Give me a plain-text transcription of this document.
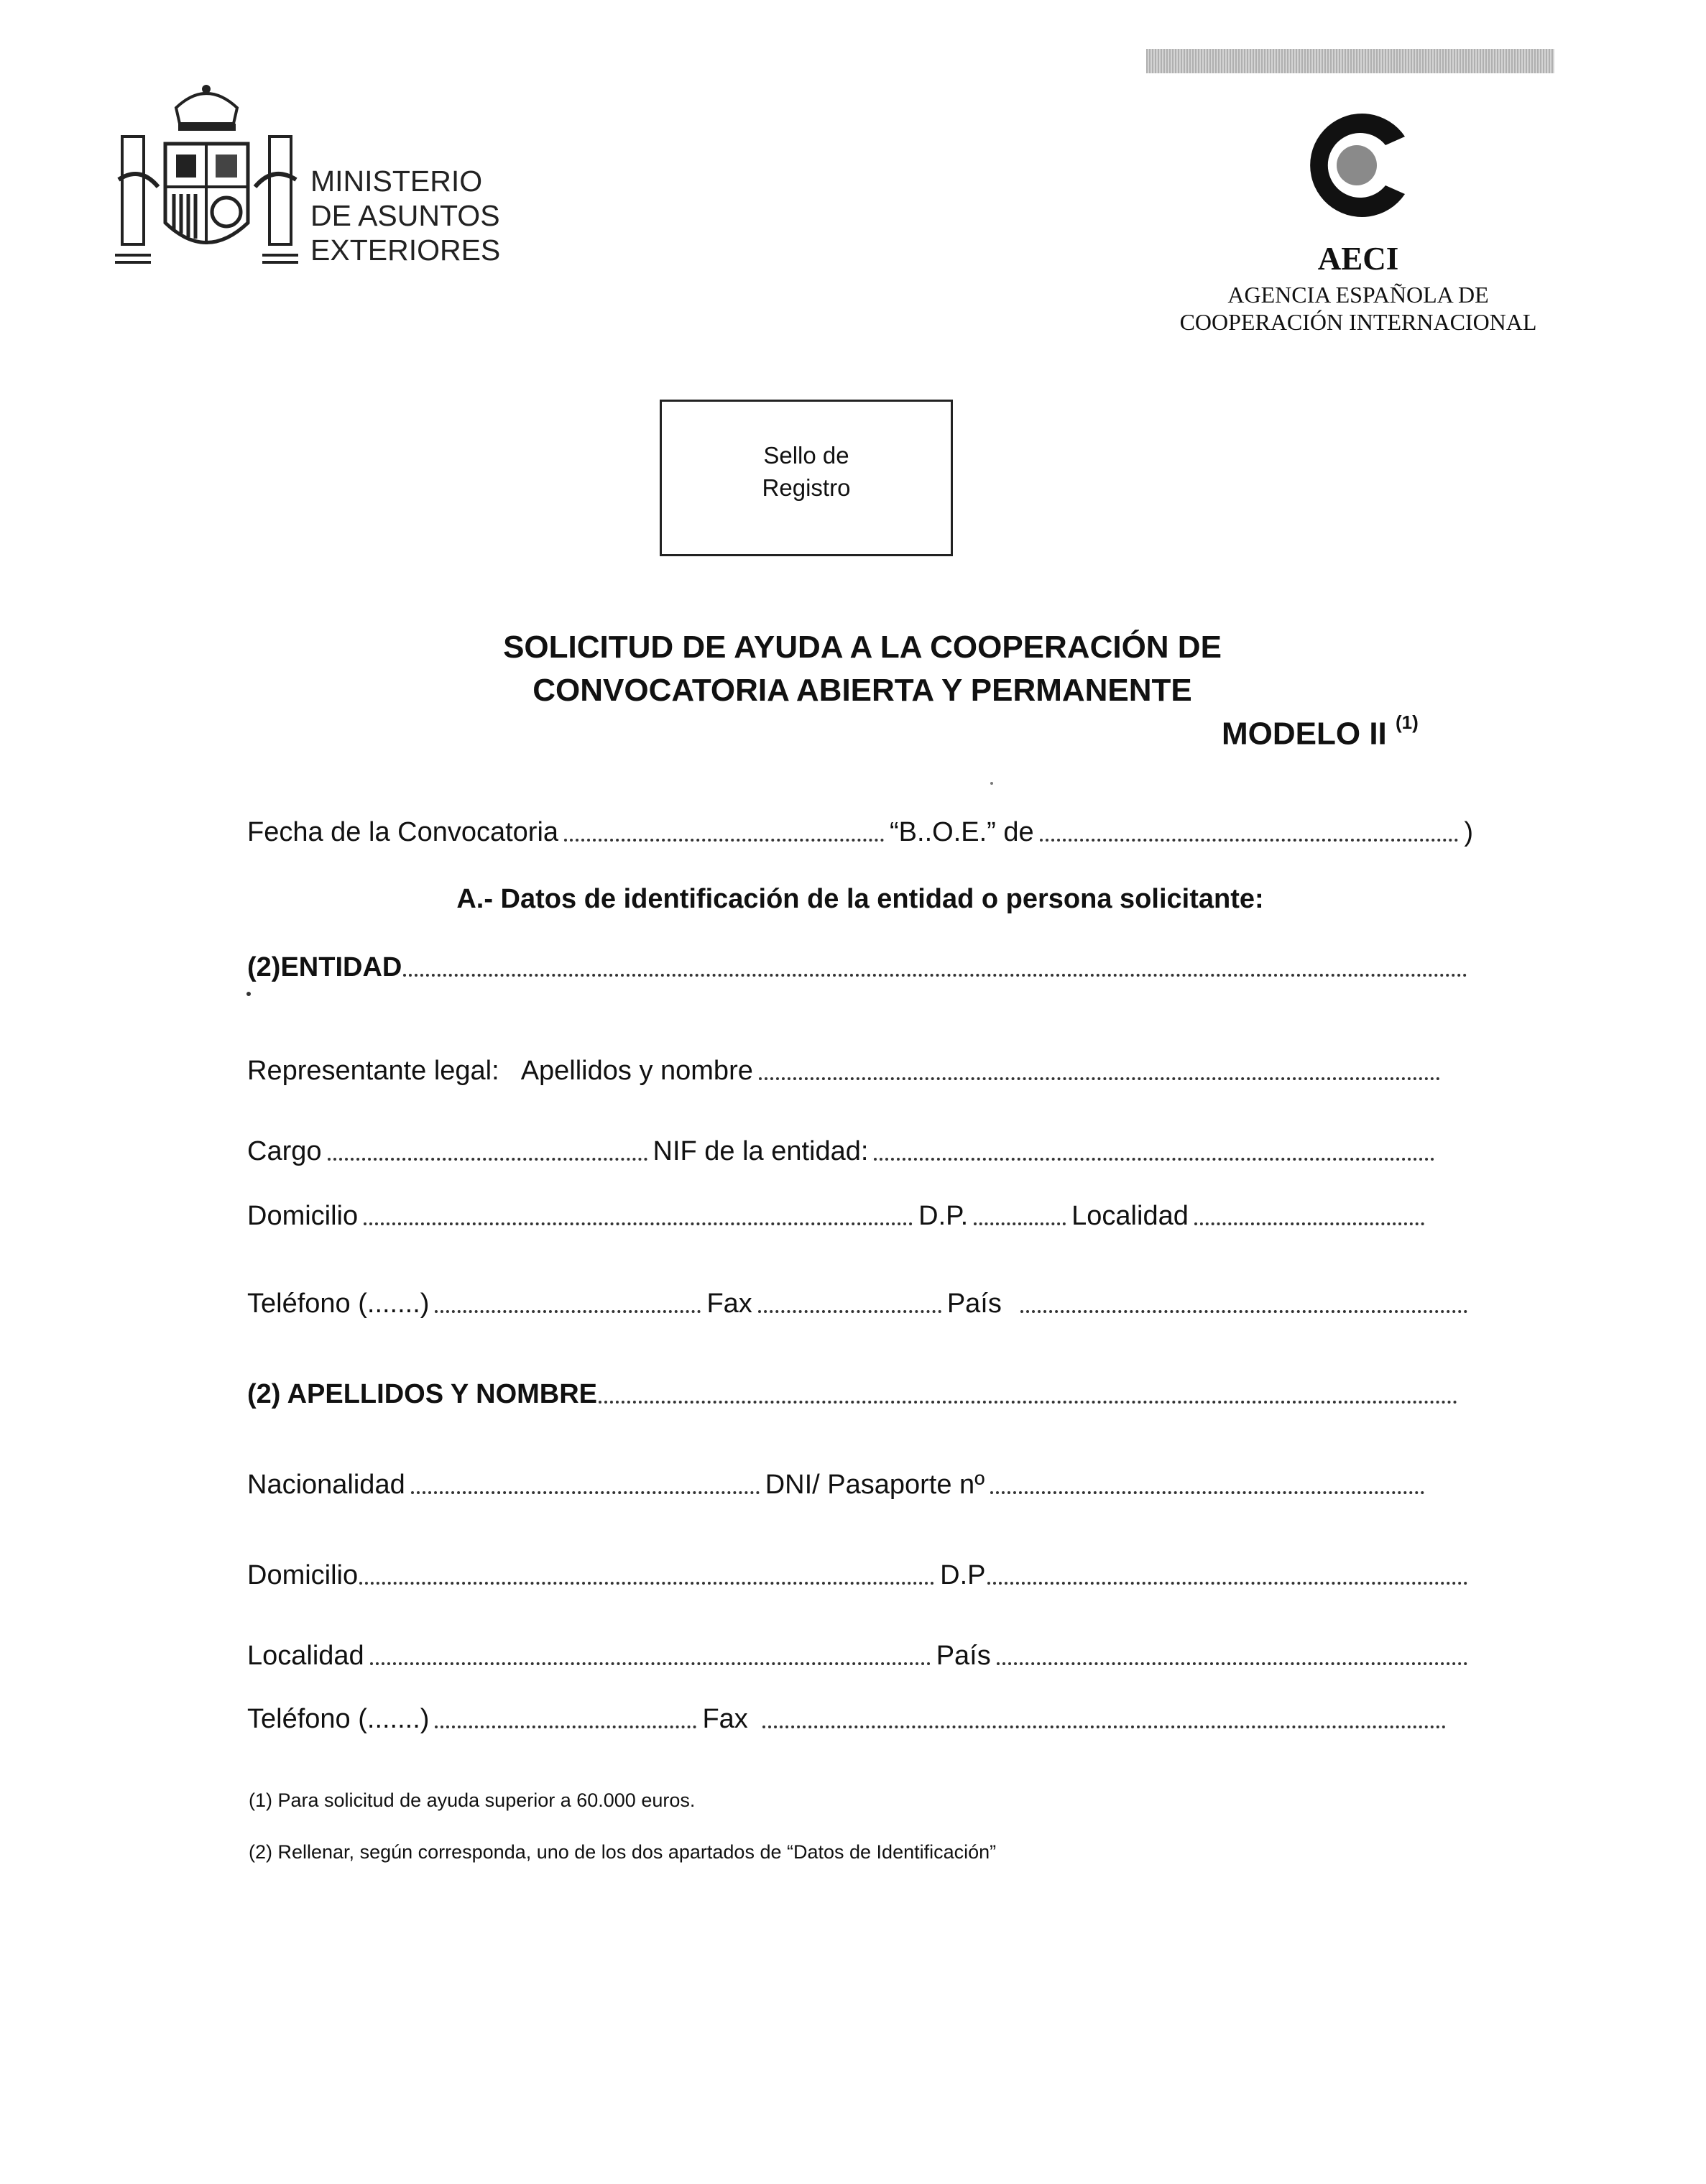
MINISTERIO
DE ASUNTOS
EXTERIORES	AECI
AGENCIA ESPAÑOLA DE
COOPERACIÓN INTERNACIONAL
Sello de
Registro
SOLICITUD DE AYUDA A LA COOPERACIÓN DE
CONVOCATORIA ABIERTA Y PERMANENTE
MODELO II $^{(1)}$
Fecha de la Convocatoria	“B..O.E.” de	)
A.- Datos de identificación de la entidad o persona solicitante:
(2)ENTIDAD
Representante legal: Apellidos y nombre
Cargo	NIF de la entidad:
Domicilio	D.P.	Localidad
Teléfono (.......)	Fax	País
(2) APELLIDOS Y NOMBRE
Nacionalidad	DNI/ Pasaporte nº
Domicilio	D.P
Localidad	País
Teléfono (.......)	Fax
(1) Para solicitud de ayuda superior a 60.000 euros.
(2) Rellenar, según corresponda, uno de los dos apartados de “Datos de Identificación”
